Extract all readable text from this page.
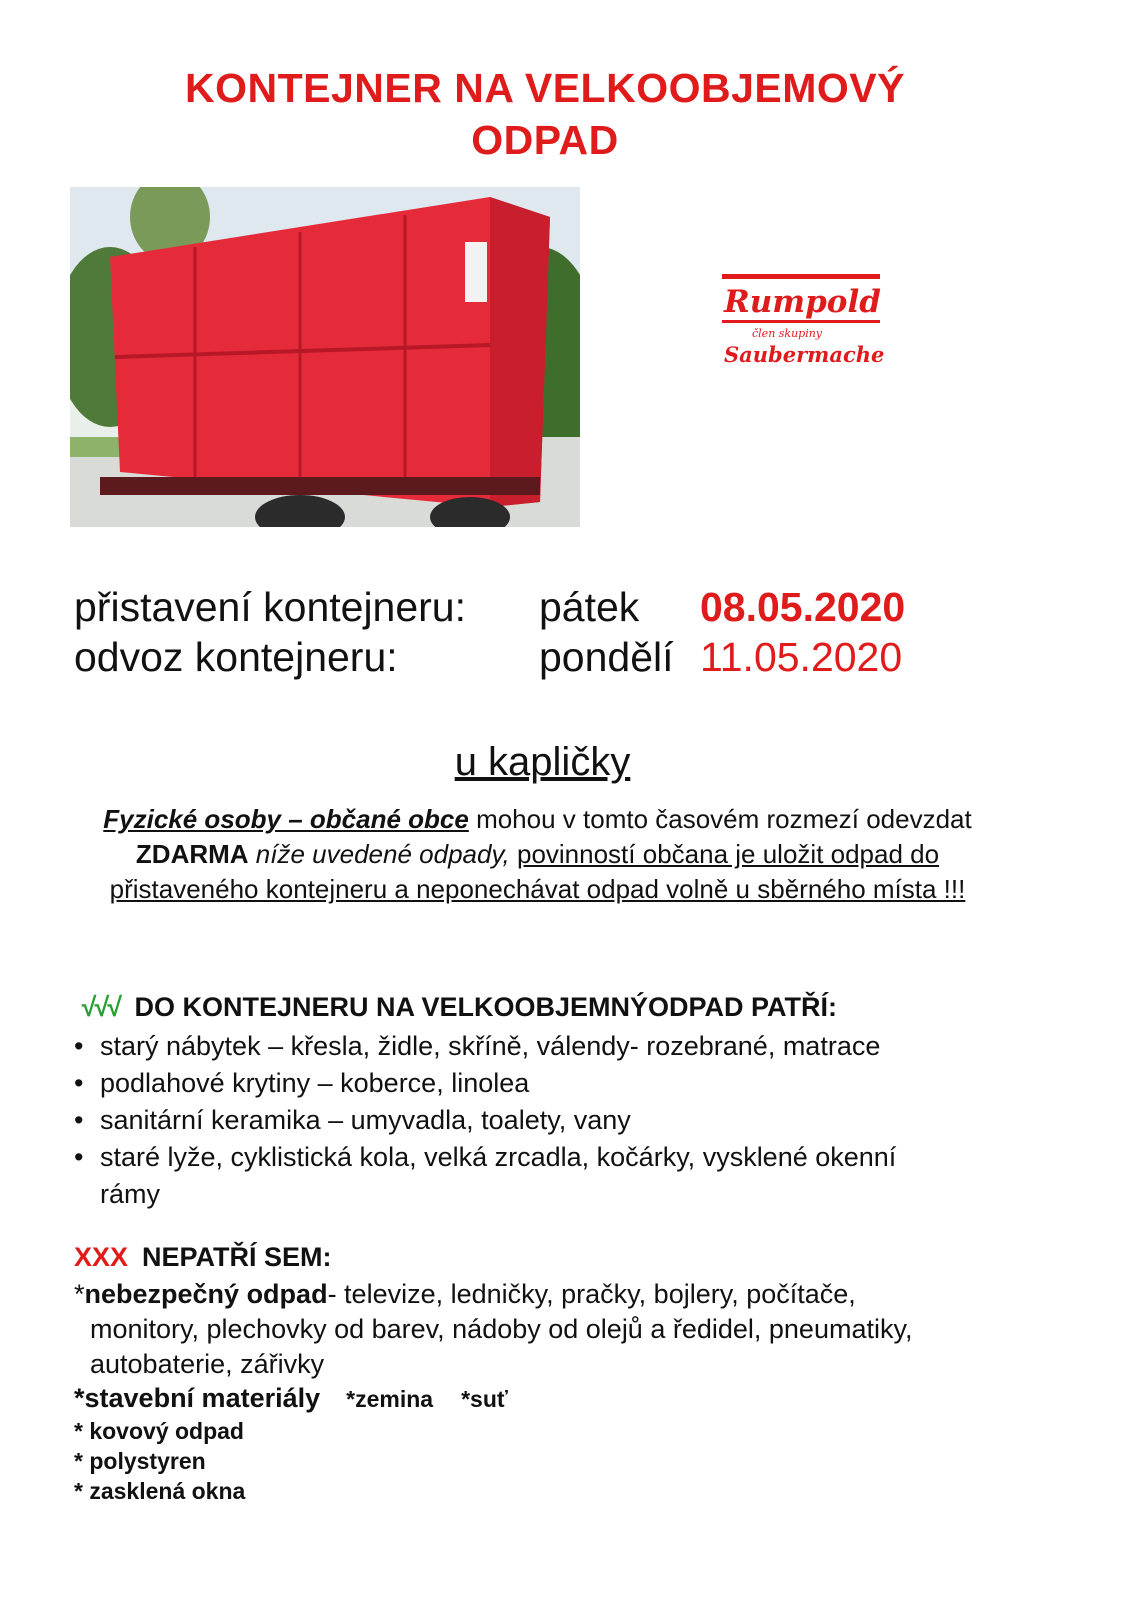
KONTEJNER NA VELKOOBJEMOVÝ
ODPAD
Rumpold
člen skupiny
Saubermacher
přistavení kontejneru: pátek 08.05.2020
odvoz kontejneru:	pondělí 11.05.2020
u kapličky
Fyzické osoby – občané obce mohou v tomto časovém rozmezí odevzdat ZDARMA níže uvedené odpady, povinností občana je uložit odpad do přistaveného kontejneru a neponechávat odpad volně u sběrného místa !!!
√√√ DO KONTEJNERU NA VELKOOBJEMNÝODPAD PATŘÍ:
• starý nábytek – křesla, židle, skříně, válendy- rozebrané, matrace
• podlahové krytiny – koberce, linolea
• sanitární keramika – umyvadla, toalety, vany
• staré lyže, cyklistická kola, velká zrcadla, kočárky, vysklené okenní rámy
XXX NEPATŘÍ SEM:
*nebezpečný odpad- televize, ledničky, pračky, bojlery, počítače,
monitory, plechovky od barev, nádoby od olejů a ředidel, pneumatiky, autobaterie, zářivky
*stavební materiály *zemina *suť
* kovový odpad
* polystyren
* zasklená okna
